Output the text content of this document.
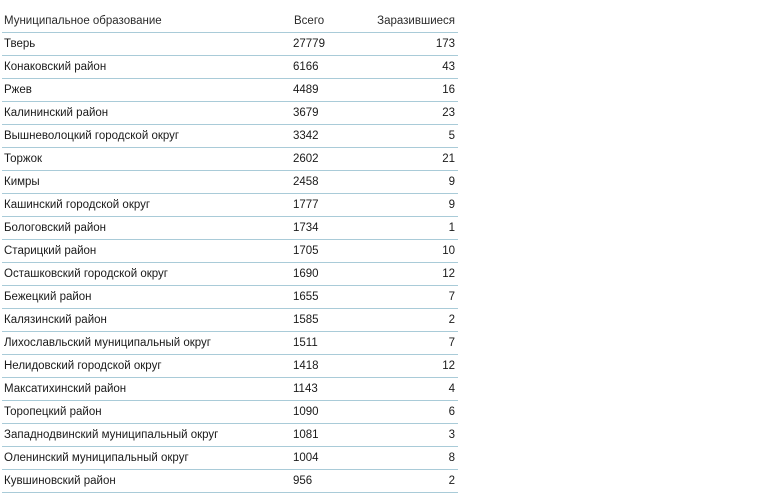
Муниципальное образование	Всего	Заразившиеся
Тверь	27779	173
Конаковский район	6166	43
Ржев	4489	16
Калининский район	3679	23
Вышневолоцкий городской округ	3342	5
Торжок	2602	21
Кимры	2458	9
Кашинский городской округ	1777	9
Бологовский район	1734	1
Старицкий район	1705	10
Осташковский городской округ	1690	12
Бежецкий район	1655	7
Калязинский район	1585	2
Лихославльский муниципальный округ	1511	7
Нелидовский городской округ	1418	12
Максатихинский район	1143	4
Торопецкий район	1090	6
Западнодвинский муниципальный округ	1081	3
Оленинский муниципальный округ	1004	8
Кувшиновский район	956	2
